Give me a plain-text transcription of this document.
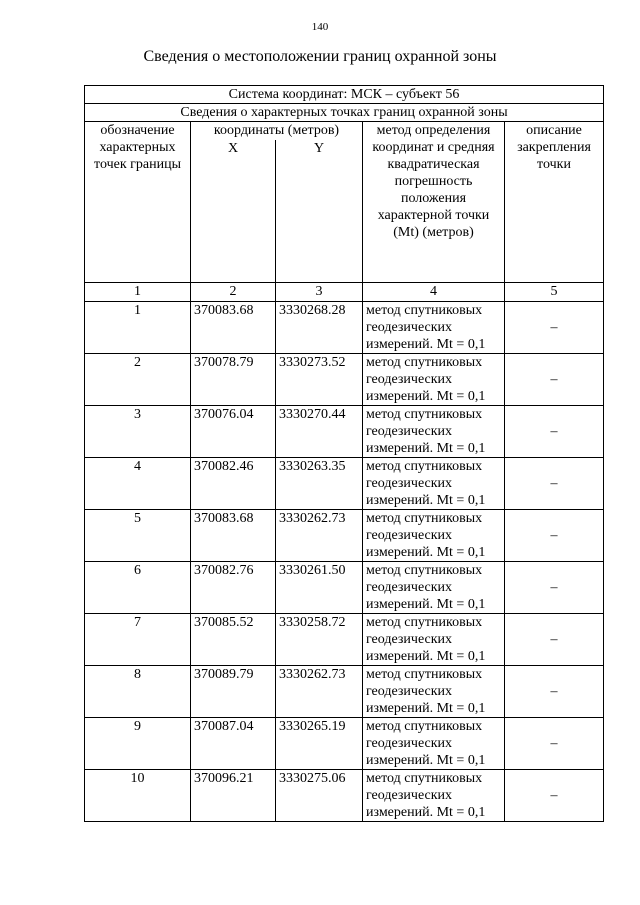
140
Сведения о местоположении границ охранной зоны
Система координат: МСК – субъект 56				
Сведения о характерных точках границ охранной зоны				
обозначение характерных точек границы	координаты (метров)		метод определения координат и средняя квадратическая погрешность положения характерной точки (Mt) (метров)	описание закрепления точки
	X	Y		
1	2	3	4	5
1	370083.68	3330268.28	метод спутниковых геодезических измерений. Mt = 0,1	–
2	370078.79	3330273.52	метод спутниковых геодезических измерений. Mt = 0,1	–
3	370076.04	3330270.44	метод спутниковых геодезических измерений. Mt = 0,1	–
4	370082.46	3330263.35	метод спутниковых геодезических измерений. Mt = 0,1	–
5	370083.68	3330262.73	метод спутниковых геодезических измерений. Mt = 0,1	–
6	370082.76	3330261.50	метод спутниковых геодезических измерений. Mt = 0,1	–
7	370085.52	3330258.72	метод спутниковых геодезических измерений. Mt = 0,1	–
8	370089.79	3330262.73	метод спутниковых геодезических измерений. Mt = 0,1	–
9	370087.04	3330265.19	метод спутниковых геодезических измерений. Mt = 0,1	–
10	370096.21	3330275.06	метод спутниковых геодезических измерений. Mt = 0,1	–
